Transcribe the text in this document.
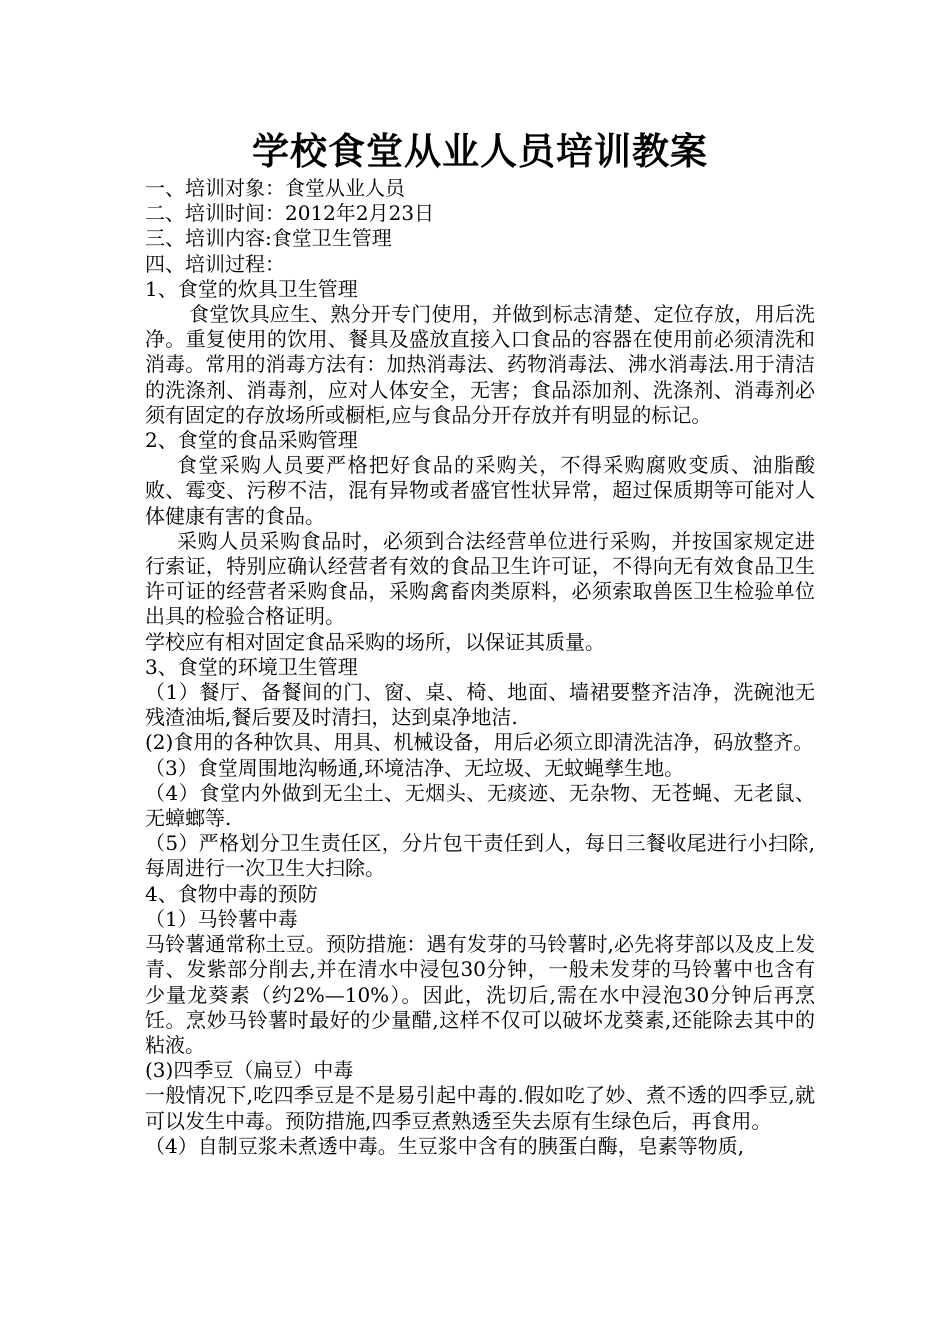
学校食堂从业人员培训教案

一、培训对象：食堂从业人员

二、培训时间：2012年2月23日

三、培训内容:食堂卫生管理

四、培训过程：

1、食堂的炊具卫生管理

食堂饮具应生、熟分开专门使用，并做到标志清楚、定位存放，用后洗净。重复使用的饮用、餐具及盛放直接入口食品的容器在使用前必须清洗和消毒。常用的消毒方法有：加热消毒法、药物消毒法、沸水消毒法.用于清洁的洗涤剂、消毒剂，应对人体安全，无害；食品添加剂、洗涤剂、消毒剂必须有固定的存放场所或橱柜,应与食品分开存放并有明显的标记。

2、食堂的食品采购管理

食堂采购人员要严格把好食品的采购关，不得采购腐败变质、油脂酸败、霉变、污秽不洁，混有异物或者盛官性状异常，超过保质期等可能对人体健康有害的食品。

采购人员采购食品时，必须到合法经营单位进行采购，并按国家规定进行索证，特别应确认经营者有效的食品卫生许可证，不得向无有效食品卫生许可证的经营者采购食品，采购禽畜肉类原料，必须索取兽医卫生检验单位出具的检验合格证明。

学校应有相对固定食品采购的场所，以保证其质量。

3、食堂的环境卫生管理

（1）餐厅、备餐间的门、窗、桌、椅、地面、墙裙要整齐洁净，洗碗池无残渣油垢,餐后要及时清扫，达到桌净地洁.

(2)食用的各种饮具、用具、机械设备，用后必须立即清洗洁净，码放整齐。

（3）食堂周围地沟畅通,环境洁净、无垃圾、无蚊蝇孳生地。

（4）食堂内外做到无尘土、无烟头、无痰迹、无杂物、无苍蝇、无老鼠、无蟑螂等.

（5）严格划分卫生责任区，分片包干责任到人，每日三餐收尾进行小扫除,每周进行一次卫生大扫除。

4、食物中毒的预防

（1）马铃薯中毒

马铃薯通常称土豆。预防措施：遇有发芽的马铃薯时,必先将芽部以及皮上发青、发紫部分削去,并在清水中浸包30分钟，一般未发芽的马铃薯中也含有少量龙葵素（约2%—10%）。因此，洗切后,需在水中浸泡30分钟后再烹饪。烹妙马铃薯时最好的少量醋,这样不仅可以破坏龙葵素,还能除去其中的粘液。

(3)四季豆（扁豆）中毒

一般情况下,吃四季豆是不是易引起中毒的.假如吃了妙、煮不透的四季豆,就可以发生中毒。预防措施,四季豆煮熟透至失去原有生绿色后，再食用。

（4）自制豆浆未煮透中毒。生豆浆中含有的胰蛋白酶，皂素等物质,
